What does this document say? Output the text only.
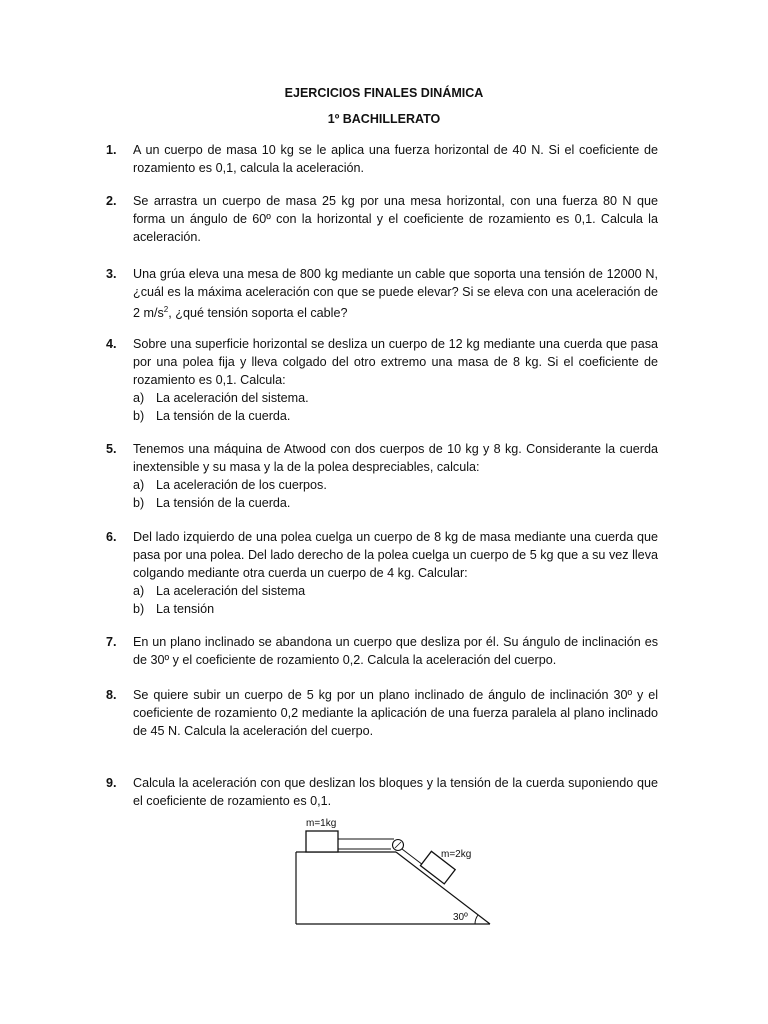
EJERCICIOS FINALES DINÁMICA
1º BACHILLERATO
1. A un cuerpo de masa 10 kg se le aplica una fuerza horizontal de 40 N. Si el coeficiente de rozamiento es 0,1, calcula la aceleración.
2. Se arrastra un cuerpo de masa 25 kg por una mesa horizontal, con una fuerza 80 N que forma un ángulo de 60º con la horizontal y el coeficiente de rozamiento es 0,1. Calcula la aceleración.
3. Una grúa eleva una mesa de 800 kg mediante un cable que soporta una tensión de 12000 N, ¿cuál es la máxima aceleración con que se puede elevar? Si se eleva con una aceleración de 2 $m/s^2$, ¿qué tensión soporta el cable?
4. Sobre una superficie horizontal se desliza un cuerpo de 12 kg mediante una cuerda que pasa por una polea fija y lleva colgado del otro extremo una masa de 8 kg. Si el coeficiente de rozamiento es 0,1. Calcula:
a) La aceleración del sistema.
b) La tensión de la cuerda.
5. Tenemos una máquina de Atwood con dos cuerpos de 10 kg y 8 kg. Considerante la cuerda inextensible y su masa y la de la polea despreciables, calcula:
a) La aceleración de los cuerpos.
b) La tensión de la cuerda.
6. Del lado izquierdo de una polea cuelga un cuerpo de 8 kg de masa mediante una cuerda que pasa por una polea. Del lado derecho de la polea cuelga un cuerpo de 5 kg que a su vez lleva colgando mediante otra cuerda un cuerpo de 4 kg. Calcular:
a) La aceleración del sistema
b) La tensión
7. En un plano inclinado se abandona un cuerpo que desliza por él. Su ángulo de inclinación es de 30º y el coeficiente de rozamiento 0,2. Calcula la aceleración del cuerpo.
8. Se quiere subir un cuerpo de 5 kg por un plano inclinado de ángulo de inclinación 30º y el coeficiente de rozamiento 0,2 mediante la aplicación de una fuerza paralela al plano inclinado de 45 N. Calcula la aceleración del cuerpo.
9. Calcula la aceleración con que deslizan los bloques y la tensión de la cuerda suponiendo que el coeficiente de rozamiento es 0,1.
m=1kg
m=2kg
30º
